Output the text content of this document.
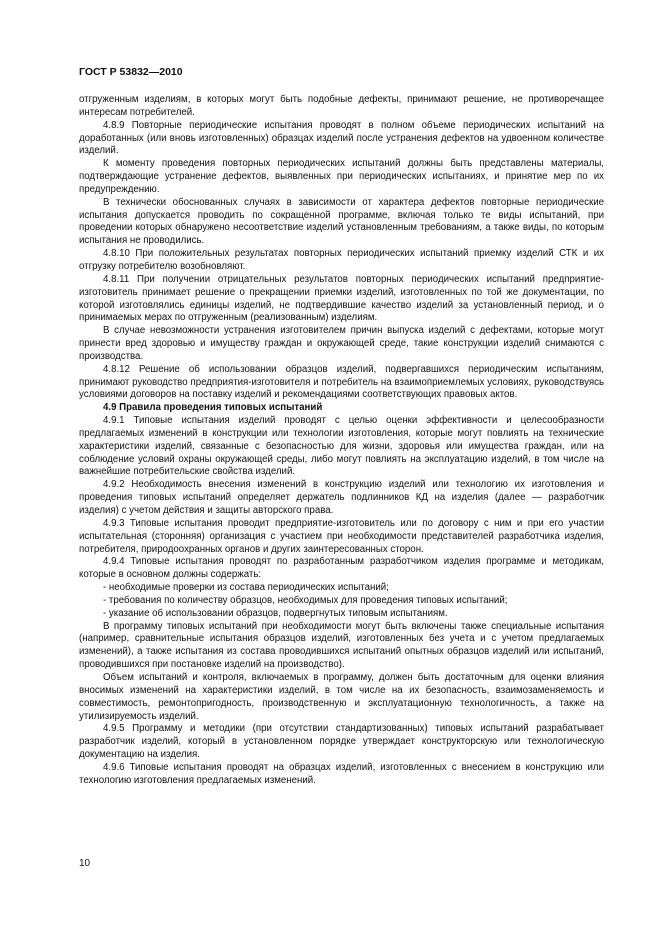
ГОСТ Р 53832—2010

отгруженным изделиям, в которых могут быть подобные дефекты, принимают решение, не противоречащее интересам потребителей.

4.8.9 Повторные периодические испытания проводят в полном объеме периодических испытаний на доработанных (или вновь изготовленных) образцах изделий после устранения дефектов на удвоенном количестве изделий.

К моменту проведения повторных периодических испытаний должны быть представлены материалы, подтверждающие устранение дефектов, выявленных при периодических испытаниях, и принятие мер по их предупреждению.

В технически обоснованных случаях в зависимости от характера дефектов повторные периодические испытания допускается проводить по сокращенной программе, включая только те виды испытаний, при проведении которых обнаружено несоответствие изделий установленным требованиям, а также виды, по которым испытания не проводились.

4.8.10 При положительных результатах повторных периодических испытаний приемку изделий СТК и их отгрузку потребителю возобновляют.

4.8.11 При получении отрицательных результатов повторных периодических испытаний предприятие-изготовитель принимает решение о прекращении приемки изделий, изготовленных по той же документации, по которой изготовлялись единицы изделий, не подтвердившие качество изделий за установленный период, и о принимаемых мерах по отгруженным (реализованным) изделиям.

В случае невозможности устранения изготовителем причин выпуска изделий с дефектами, которые могут принести вред здоровью и имуществу граждан и окружающей среде, такие конструкции изделий снимаются с производства.

4.8.12 Решение об использовании образцов изделий, подвергавшихся периодическим испытаниям, принимают руководство предприятия-изготовителя и потребитель на взаимоприемлемых условиях, руководствуясь условиями договоров на поставку изделий и рекомендациями соответствующих правовых актов.

4.9 Правила проведения типовых испытаний

4.9.1 Типовые испытания изделий проводят с целью оценки эффективности и целесообразности предлагаемых изменений в конструкции или технологии изготовления, которые могут повлиять на технические характеристики изделий, связанные с безопасностью для жизни, здоровья или имущества граждан, или на соблюдение условий охраны окружающей среды, либо могут повлиять на эксплуатацию изделий, в том числе на важнейшие потребительские свойства изделий.

4.9.2 Необходимость внесения изменений в конструкцию изделий или технологию их изготовления и проведения типовых испытаний определяет держатель подлинников КД на изделия (далее — разработчик изделия) с учетом действия и защиты авторского права.

4.9.3 Типовые испытания проводит предприятие-изготовитель или по договору с ним и при его участии испытательная (сторонняя) организация с участием при необходимости представителей разработчика изделия, потребителя, природоохранных органов и других заинтересованных сторон.

4.9.4 Типовые испытания проводят по разработанным разработчиком изделия программе и методикам, которые в основном должны содержать:

- необходимые проверки из состава периодических испытаний;

- требования по количеству образцов, необходимых для проведения типовых испытаний;

- указание об использовании образцов, подвергнутых типовым испытаниям.

В программу типовых испытаний при необходимости могут быть включены также специальные испытания (например, сравнительные испытания образцов изделий, изготовленных без учета и с учетом предлагаемых изменений), а также испытания из состава проводившихся испытаний опытных образцов изделий или испытаний, проводившихся при постановке изделий на производство).

Объем испытаний и контроля, включаемых в программу, должен быть достаточным для оценки влияния вносимых изменений на характеристики изделий, в том числе на их безопасность, взаимозаменяемость и совместимость, ремонтопригодность, производственную и эксплуатационную технологичность, а также на утилизируемость изделий.

4.9.5 Программу и методики (при отсутствии стандартизованных) типовых испытаний разрабатывает разработчик изделий, который в установленном порядке утверждает конструкторскую или технологическую документацию на изделия.

4.9.6 Типовые испытания проводят на образцах изделий, изготовленных с внесением в конструкцию или технологию изготовления предлагаемых изменений.

10
